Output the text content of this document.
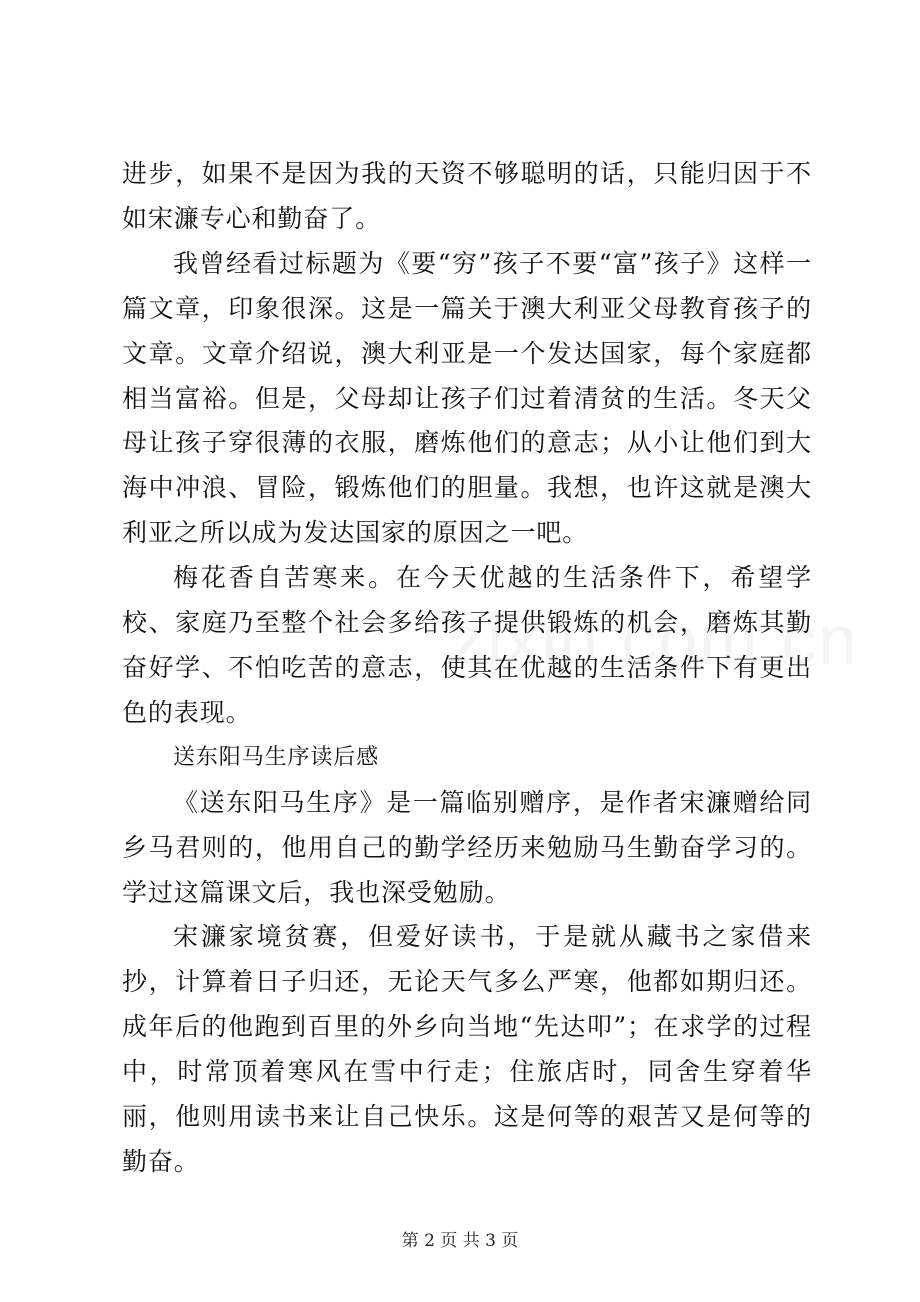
进步，如果不是因为我的天资不够聪明的话，只能归因于不如宋濂专心和勤奋了。

我曾经看过标题为《要“穷”孩子不要“富”孩子》这样一篇文章，印象很深。这是一篇关于澳大利亚父母教育孩子的文章。文章介绍说，澳大利亚是一个发达国家，每个家庭都相当富裕。但是，父母却让孩子们过着清贫的生活。冬天父母让孩子穿很薄的衣服，磨炼他们的意志；从小让他们到大海中冲浪、冒险，锻炼他们的胆量。我想，也许这就是澳大利亚之所以成为发达国家的原因之一吧。

梅花香自苦寒来。在今天优越的生活条件下，希望学校、家庭乃至整个社会多给孩子提供锻炼的机会，磨炼其勤奋好学、不怕吃苦的意志，使其在优越的生活条件下有更出色的表现。

送东阳马生序读后感

《送东阳马生序》是一篇临别赠序，是作者宋濂赠给同乡马君则的，他用自己的勤学经历来勉励马生勤奋学习的。学过这篇课文后，我也深受勉励。

宋濂家境贫赛，但爱好读书，于是就从藏书之家借来抄，计算着日子归还，无论天气多么严寒，他都如期归还。成年后的他跑到百里的外乡向当地“先达叩”；在求学的过程中，时常顶着寒风在雪中行走；住旅店时，同舍生穿着华丽，他则用读书来让自己快乐。这是何等的艰苦又是何等的勤奋。

第 2 页 共 3 页
